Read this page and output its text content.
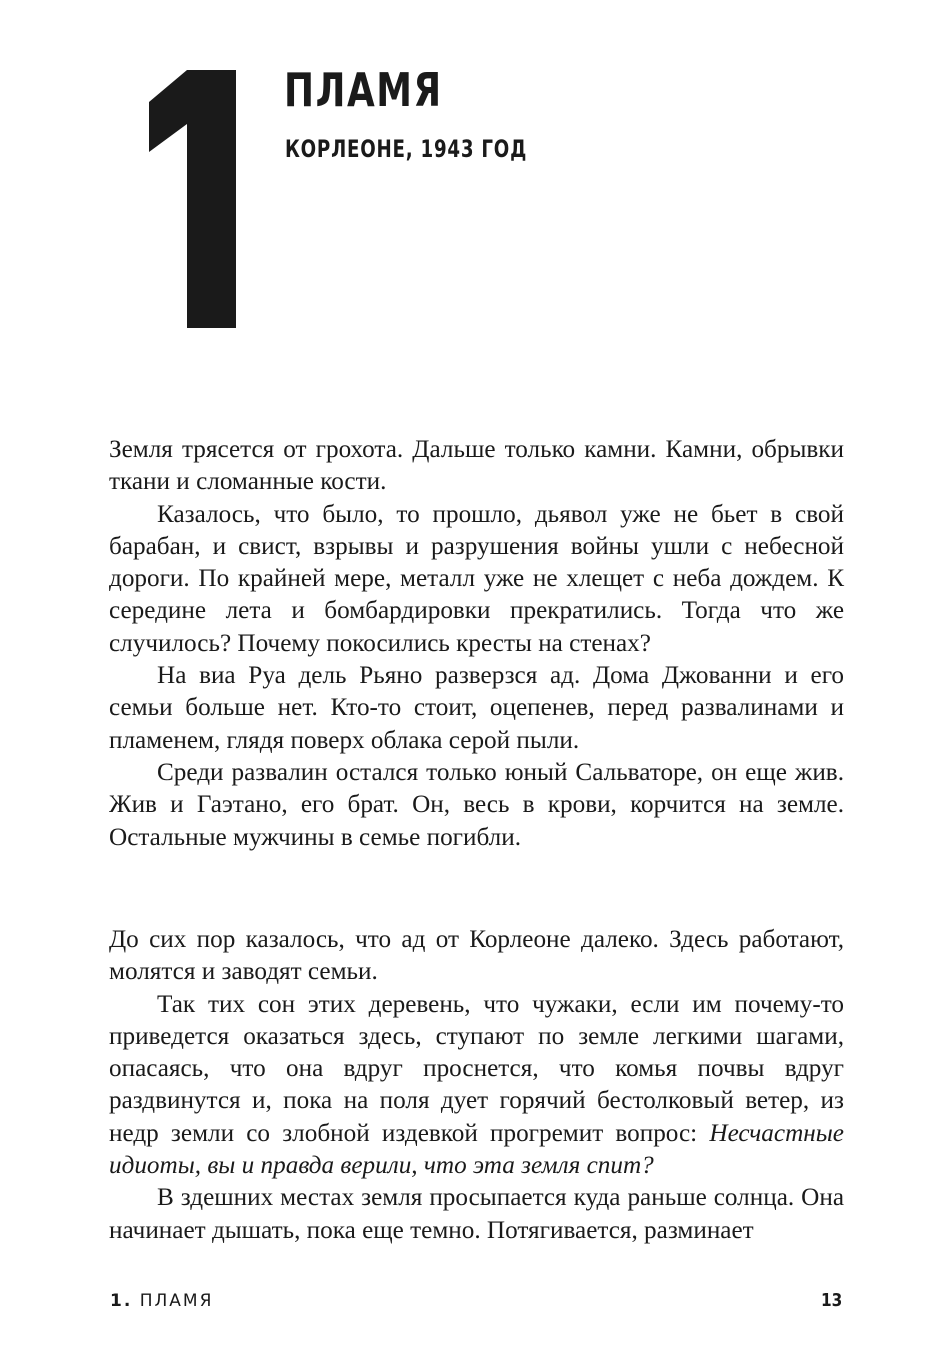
ПЛАМЯ
КОРЛЕОНЕ, 1943 ГОД

Земля трясется от грохота. Дальше только камни. Камни, обрывки ткани и сломанные кости.

Казалось, что было, то прошло, дьявол уже не бьет в свой барабан, и свист, взрывы и разрушения войны ушли с небесной дороги. По крайней мере, металл уже не хлещет с неба дождем. К середине лета и бомбардировки прекратились. Тогда что же случилось? Почему покосились кресты на стенах?

На виа Руа дель Рьяно разверзся ад. Дома Джованни и его семьи больше нет. Кто-то стоит, оцепенев, перед развалинами и пламенем, глядя поверх облака серой пыли.

Среди развалин остался только юный Сальваторе, он еще жив. Жив и Гаэтано, его брат. Он, весь в крови, корчится на земле. Остальные мужчины в семье погибли.

До сих пор казалось, что ад от Корлеоне далеко. Здесь работают, молятся и заводят семьи.

Так тих сон этих деревень, что чужаки, если им почему-то приведется оказаться здесь, ступают по земле легкими шагами, опасаясь, что она вдруг проснется, что комья почвы вдруг раздвинутся и, пока на поля дует горячий бестолковый ветер, из недр земли со злобной издевкой прогремит вопрос: Несчастные идиоты, вы и правда верили, что эта земля спит?

В здешних местах земля просыпается куда раньше солнца. Она начинает дышать, пока еще темно. Потягивается, разминает

1. ПЛАМЯ	13
